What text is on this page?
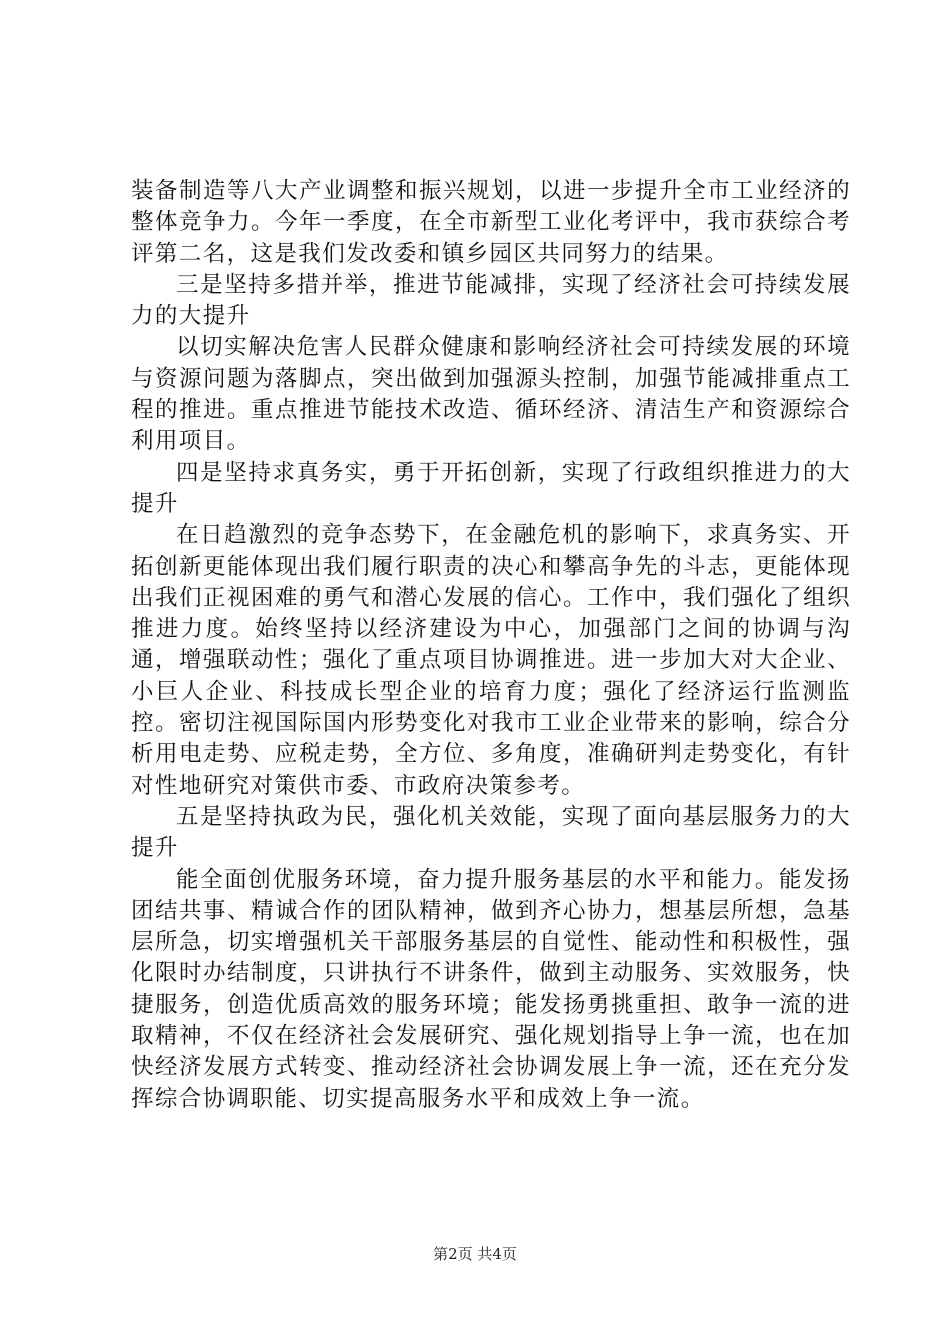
装备制造等八大产业调整和振兴规划，以进一步提升全市工业经济的整体竞争力。今年一季度，在全市新型工业化考评中，我市获综合考评第二名，这是我们发改委和镇乡园区共同努力的结果。

三是坚持多措并举，推进节能减排，实现了经济社会可持续发展力的大提升

以切实解决危害人民群众健康和影响经济社会可持续发展的环境与资源问题为落脚点，突出做到加强源头控制，加强节能减排重点工程的推进。重点推进节能技术改造、循环经济、清洁生产和资源综合利用项目。

四是坚持求真务实，勇于开拓创新，实现了行政组织推进力的大提升

在日趋激烈的竞争态势下，在金融危机的影响下，求真务实、开拓创新更能体现出我们履行职责的决心和攀高争先的斗志，更能体现出我们正视困难的勇气和潜心发展的信心。工作中，我们强化了组织推进力度。始终坚持以经济建设为中心，加强部门之间的协调与沟通，增强联动性；强化了重点项目协调推进。进一步加大对大企业、小巨人企业、科技成长型企业的培育力度；强化了经济运行监测监控。密切注视国际国内形势变化对我市工业企业带来的影响，综合分析用电走势、应税走势，全方位、多角度，准确研判走势变化，有针对性地研究对策供市委、市政府决策参考。

五是坚持执政为民，强化机关效能，实现了面向基层服务力的大提升

能全面创优服务环境，奋力提升服务基层的水平和能力。能发扬团结共事、精诚合作的团队精神，做到齐心协力，想基层所想，急基层所急，切实增强机关干部服务基层的自觉性、能动性和积极性，强化限时办结制度，只讲执行不讲条件，做到主动服务、实效服务，快捷服务，创造优质高效的服务环境；能发扬勇挑重担、敢争一流的进取精神，不仅在经济社会发展研究、强化规划指导上争一流，也在加快经济发展方式转变、推动经济社会协调发展上争一流，还在充分发挥综合协调职能、切实提高服务水平和成效上争一流。

第2页 共4页
